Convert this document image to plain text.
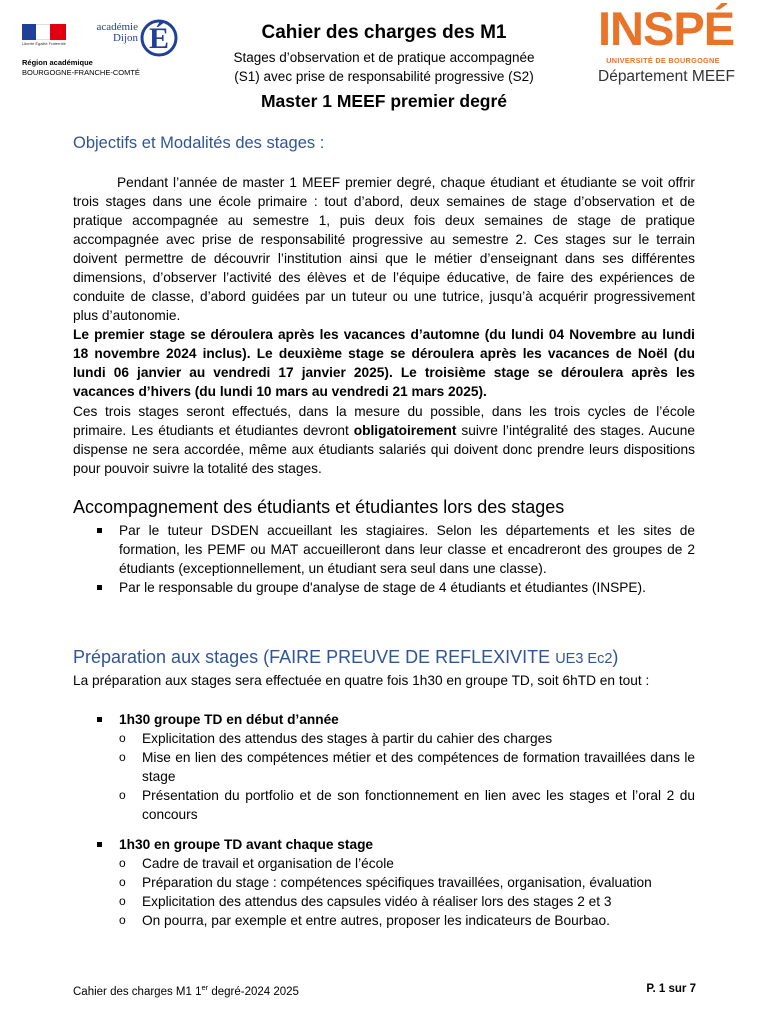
Liberté Égalité Fraternité
académie
Dijon É
Région académique
BOURGOGNE-FRANCHE-COMTÉ
Cahier des charges des M1
Stages d’observation et de pratique accompagnée
(S1) avec prise de responsabilité progressive (S2)
Master 1 MEEF premier degré
INSPÉ
UNIVERSITÉ DE BOURGOGNE
Département MEEF
Objectifs et Modalités des stages :
Pendant l’année de master 1 MEEF premier degré, chaque étudiant et étudiante se voit offrir trois stages dans une école primaire : tout d’abord, deux semaines de stage d’observation et de pratique accompagnée au semestre 1, puis deux fois deux semaines de stage de pratique accompagnée avec prise de responsabilité progressive au semestre 2. Ces stages sur le terrain doivent permettre de découvrir l’institution ainsi que le métier d’enseignant dans ses différentes dimensions, d’observer l’activité des élèves et de l’équipe éducative, de faire des expériences de conduite de classe, d’abord guidées par un tuteur ou une tutrice, jusqu’à acquérir progressivement plus d’autonomie.
Le premier stage se déroulera après les vacances d’automne (du lundi 04 Novembre au lundi 18 novembre 2024 inclus). Le deuxième stage se déroulera après les vacances de Noël (du lundi 06 janvier au vendredi 17 janvier 2025). Le troisième stage se déroulera après les vacances d’hivers (du lundi 10 mars au vendredi 21 mars 2025).
Ces trois stages seront effectués, dans la mesure du possible, dans les trois cycles de l’école primaire. Les étudiants et étudiantes devront obligatoirement suivre l’intégralité des stages. Aucune dispense ne sera accordée, même aux étudiants salariés qui doivent donc prendre leurs dispositions pour pouvoir suivre la totalité des stages.
Accompagnement des étudiants et étudiantes lors des stages
Par le tuteur DSDEN accueillant les stagiaires. Selon les départements et les sites de formation, les PEMF ou MAT accueilleront dans leur classe et encadreront des groupes de 2 étudiants (exceptionnellement, un étudiant sera seul dans une classe).
Par le responsable du groupe d'analyse de stage de 4 étudiants et étudiantes (INSPE).
Préparation aux stages (FAIRE PREUVE DE REFLEXIVITE UE3 Ec2)
La préparation aux stages sera effectuée en quatre fois 1h30 en groupe TD, soit 6hTD en tout :
1h30 groupe TD en début d’année
o Explicitation des attendus des stages à partir du cahier des charges
o Mise en lien des compétences métier et des compétences de formation travaillées dans le stage
o Présentation du portfolio et de son fonctionnement en lien avec les stages et l’oral 2 du concours
1h30 en groupe TD avant chaque stage
o Cadre de travail et organisation de l’école
o Préparation du stage : compétences spécifiques travaillées, organisation, évaluation
o Explicitation des attendus des capsules vidéo à réaliser lors des stages 2 et 3
o On pourra, par exemple et entre autres, proposer les indicateurs de Bourbao.
Cahier des charges M1 1er degré-2024 2025	P. 1 sur 7
